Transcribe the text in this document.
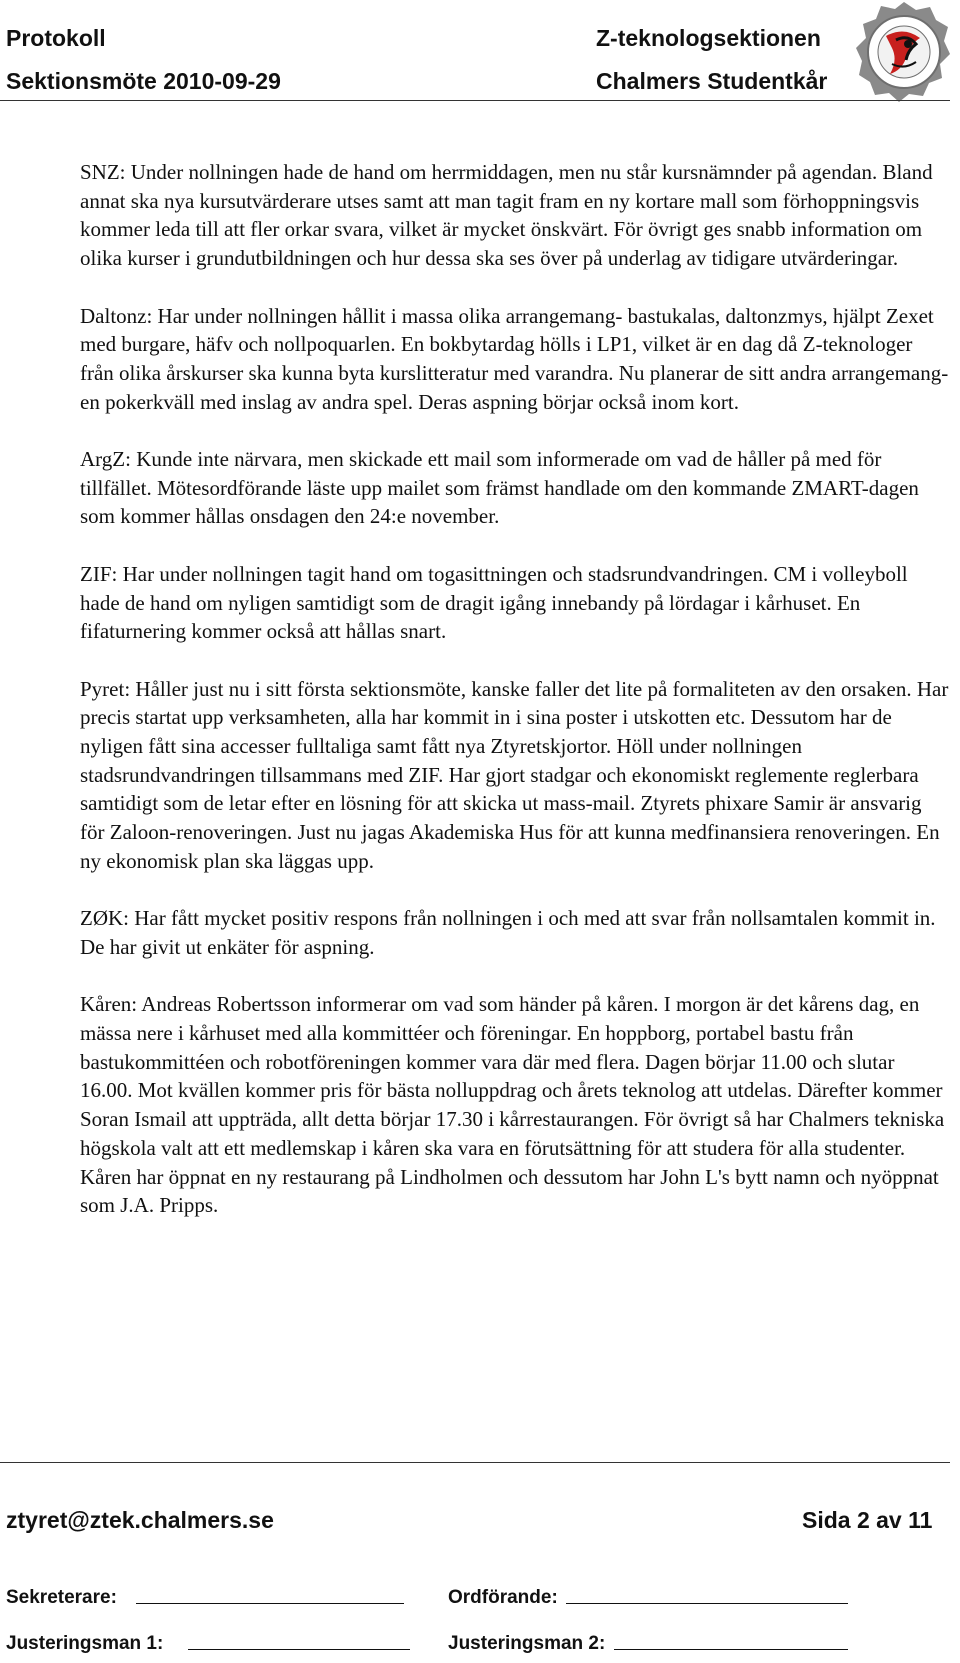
Protokoll
Sektionsmöte 2010-09-29
Z-teknologsektionen
Chalmers Studentkår

SNZ: Under nollningen hade de hand om herrmiddagen, men nu står kursnämnder på agendan. Bland annat ska nya kursutvärderare utses samt att man tagit fram en ny kortare mall som förhoppningsvis kommer leda till att fler orkar svara, vilket är mycket önskvärt. För övrigt ges snabb information om olika kurser i grundutbildningen och hur dessa ska ses över på underlag av tidigare utvärderingar.

Daltonz: Har under nollningen hållit i massa olika arrangemang- bastukalas, daltonzmys, hjälpt Zexet med burgare, häfv och nollpoquarlen. En bokbytardag hölls i LP1, vilket är en dag då Z-teknologer från olika årskurser ska kunna byta kurslitteratur med varandra. Nu planerar de sitt andra arrangemang- en pokerkväll med inslag av andra spel. Deras aspning börjar också inom kort.

ArgZ: Kunde inte närvara, men skickade ett mail som informerade om vad de håller på med för tillfället. Mötesordförande läste upp mailet som främst handlade om den kommande ZMART-dagen som kommer hållas onsdagen den 24:e november.

ZIF: Har under nollningen tagit hand om togasittningen och stadsrundvandringen. CM i volleyboll hade de hand om nyligen samtidigt som de dragit igång innebandy på lördagar i kårhuset. En fifaturnering kommer också att hållas snart.

Pyret: Håller just nu i sitt första sektionsmöte, kanske faller det lite på formaliteten av den orsaken. Har precis startat upp verksamheten, alla har kommit in i sina poster i utskotten etc. Dessutom har de nyligen fått sina accesser fulltaliga samt fått nya Ztyretskjortor. Höll under nollningen stadsrundvandringen tillsammans med ZIF. Har gjort stadgar och ekonomiskt reglemente reglerbara samtidigt som de letar efter en lösning för att skicka ut mass-mail. Ztyrets phixare Samir är ansvarig för Zaloon-renoveringen. Just nu jagas Akademiska Hus för att kunna medfinansiera renoveringen. En ny ekonomisk plan ska läggas upp.

ZØK: Har fått mycket positiv respons från nollningen i och med att svar från nollsamtalen kommit in. De har givit ut enkäter för aspning.

Kåren: Andreas Robertsson informerar om vad som händer på kåren. I morgon är det kårens dag, en mässa nere i kårhuset med alla kommittéer och föreningar. En hoppborg, portabel bastu från bastukommittéen och robotföreningen kommer vara där med flera. Dagen börjar 11.00 och slutar 16.00. Mot kvällen kommer pris för bästa nolluppdrag och årets teknolog att utdelas. Därefter kommer Soran Ismail att uppträda, allt detta börjar 17.30 i kårrestaurangen. För övrigt så har Chalmers tekniska högskola valt att ett medlemskap i kåren ska vara en förutsättning för att studera för alla studenter. Kåren har öppnat en ny restaurang på Lindholmen och dessutom har John L's bytt namn och nyöppnat som J.A. Pripps.

ztyret@ztek.chalmers.se	Sida 2 av 11
Sekreterare:	Ordförande:
Justeringsman 1:	Justeringsman 2:
